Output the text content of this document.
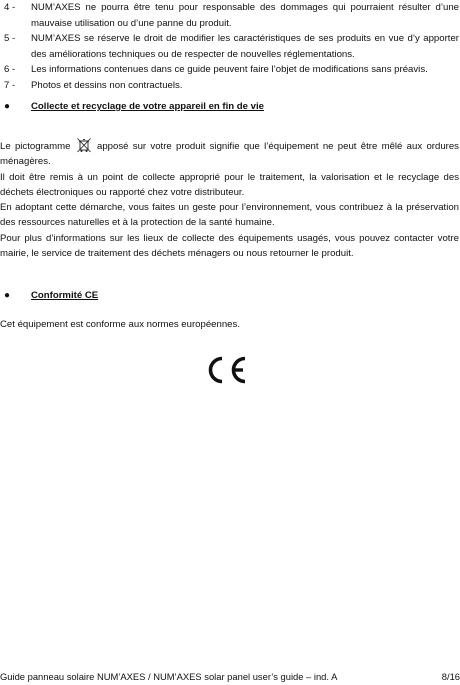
4 -	NUM’AXES ne pourra être tenu pour responsable des dommages qui pourraient résulter d’une mauvaise utilisation ou d’une panne du produit.
5 -	NUM’AXES se réserve le droit de modifier les caractéristiques de ses produits en vue d’y apporter des améliorations techniques ou de respecter de nouvelles réglementations.
6 -	Les informations contenues dans ce guide peuvent faire l’objet de modifications sans préavis.
7 -	Photos et dessins non contractuels.
●	Collecte et recyclage de votre appareil en fin de vie

Le pictogramme	apposé sur votre produit signifie que l’équipement ne peut être mêlé aux ordures ménagères.

Il doit être remis à un point de collecte approprié pour le traitement, la valorisation et le recyclage des déchets électroniques ou rapporté chez votre distributeur.

En adoptant cette démarche, vous faites un geste pour l’environnement, vous contribuez à la préservation des ressources naturelles et à la protection de la santé humaine.

Pour plus d’informations sur les lieux de collecte des équipements usagés, vous pouvez contacter votre mairie, le service de traitement des déchets ménagers ou nous retourner le produit.

●	Conformité CE

Cet équipement est conforme aux normes européennes.

Guide panneau solaire NUM’AXES / NUM’AXES solar panel user’s guide – ind. A	8/16
